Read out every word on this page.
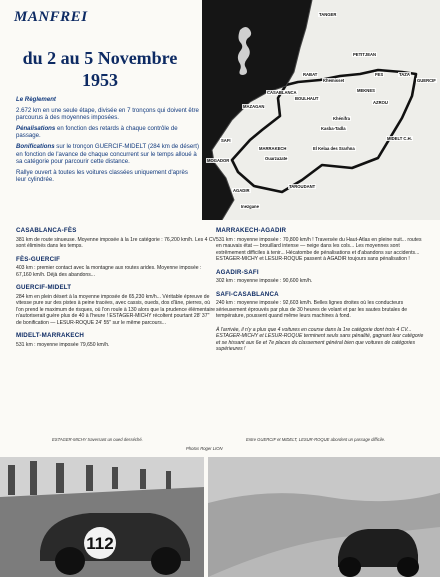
MANFREI
du 2 au 5 Novembre
1953

Le Règlement

2.672 km en une seule étape, divisée en 7 tronçons qui doivent être parcourus à des moyennes imposées.

Pénalisations en fonction des retards à chaque contrôle de passage.

Bonifications sur le tronçon GUERCIF-MIDELT (284 km de désert) en fonction de l'avance de chaque concurrent sur le temps alloué à sa catégorie pour parcourir cette distance.

Rallye ouvert à toutes les voitures classées uniquement d'après leur cylindrée.

TANGER
PETITJEAN
RABAT
Khemisset
FES	TAZA
GUERCIF
CASABLANCA
BOULHAUT
MEKNES
AZROU
MAZAGAN
SAFI
Kasba-Tadla
Khénifra
MIDELT C.H.
MARRAKECH	El Kelaa des Srarhna
Ouarzazate
MOGADOR
TAROUDANT
AGADIR
Inezgane
CASABLANCA-FÈS

381 km de route sinueuse. Moyenne imposée à la 1re catégorie : 76,200 km/h. Les 4 CV sont éliminés dans les temps.

FÈS-GUERCIF

403 km : premier contact avec la montagne aux routes arides. Moyenne imposée : 67,160 km/h. Déjà des abandons...

GUERCIF-MIDELT

284 km en plein désert à la moyenne imposée de 65,230 km/h... Véritable épreuve de vitesse pure sur des pistes à peine tracées, avec cassis, oueds, dos d'âne, pierres, où l'on prend le maximum de risques, où l'on roule à 130 alors que la prudence élémentaire n'autoriserait guère plus de 40 à l'heure ! ESTAGER-MICHY récoltent pourtant 28' 37" de bonification — LESUR-ROQUE 24' 55" sur le même parcours...

MIDELT-MARRAKECH

531 km : moyenne imposée 79,650 km/h.

MARRAKECH-AGADIR

531 km : moyenne imposée : 70,800 km/h ! Traversée du Haut-Atlas en pleine nuit... routes en mauvais état — brouillard intense — neige dans les cols... Les moyennes sont extrêmement difficiles à tenir... Hécatombe de pénalisations et d'abandons sur accidents... ESTAGER-MICHY et LESUR-ROQUE passent à AGADIR toujours sans pénalisation !

AGADIR-SAFI

302 km : moyenne imposée : 90,600 km/h.

SAFI-CASABLANCA

240 km : moyenne imposée : 92,603 km/h. Belles lignes droites où les conducteurs sérieusement éprouvés par plus de 30 heures de volant et par les sautes brutales de température, poussent quand même leurs machines à fond.

À l'arrivée, il n'y a plus que 4 voitures en course dans la 1re catégorie dont trois 4 CV... ESTAGER-MICHY et LESUR-ROQUE terminent seuls sans pénalité, gagnant leur catégorie et se hissant aux 6e et 7e places du classement général bien que voitures de catégories supérieures !
ESTAGER-MICHY traversant un oued desséché.	Entre GUERCIF et MIDELT, LESUR-ROQUE abordent un passage difficile.
Photos Roger LION
112
